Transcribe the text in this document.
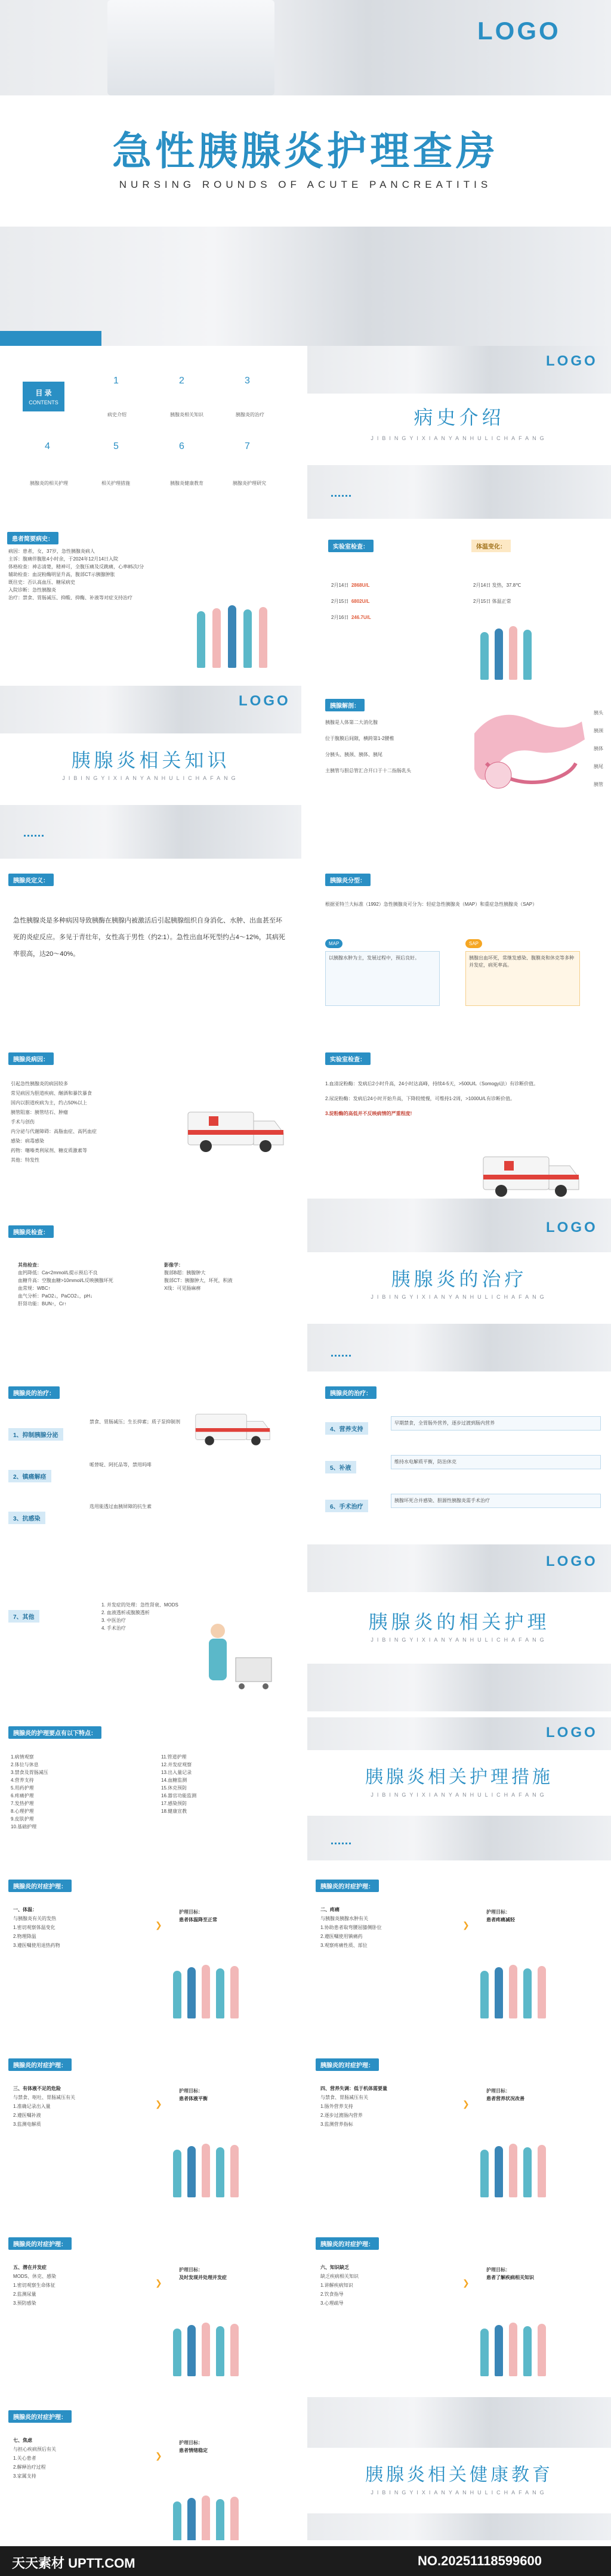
LOGO
急性胰腺炎护理查房
NURSING ROUNDS OF ACUTE PANCREATITIS
目 录
CONTENTS
1
病史介绍
2
胰腺炎相关知识
3
胰腺炎的治疗
4
胰腺炎的相关护理
5
相关护理措施
6
胰腺炎健康教育
7
胰腺炎护理研究
LOGO
病史介绍
JIBINGYIXIANYANHULICHAFANG
患者简要病史：
病因：患者，女，37岁，急性胰腺炎病人
主诉：腹痛伴腹胀4小时余，于2024年12月14日入院
体格检查：神志清楚，精神可，全腹压痛及反跳痛，心率85次/分
辅助检查：血淀粉酶明显升高，腹部CT示胰腺肿胀
既往史：否认高血压、糖尿病史
入院诊断：急性胰腺炎
治疗：禁食、胃肠减压、抑酸、抑酶、补液等对症支持治疗
实验室检查：
2月14日 2868U/L
2月15日 6802U/L
2月16日 246.7U/L
体温变化：
2月14日 发热，37.8℃
2月15日 体温正常
LOGO
胰腺炎相关知识
JIBINGYIXIANYANHULICHAFANG
胰腺解剖：
胰腺是人体第二大消化腺
位于腹膜后间隙，横跨第1-2腰椎
分胰头、胰颈、胰体、胰尾
主胰管与胆总管汇合开口于十二指肠乳头
胰头
胰颈
胰体
胰尾
胰管
胰腺炎定义：
急性胰腺炎是多种病因导致胰酶在胰腺内被激活后引起胰腺组织自身消化、水肿、出血甚至坏死的炎症反应。多见于青壮年，女性高于男性（约2:1）。急性出血坏死型约占4～12%，其病死率很高，达20～40%。
胰腺炎分型：
根据亚特兰大标准（1992）急性胰腺炎可分为：轻症急性胰腺炎（MAP）和重症急性胰腺炎（SAP）
MAP
以胰腺水肿为主，发展过程中，预后良好。
SAP
胰腺出血坏死，常继发感染、腹膜炎和休克等多种并发症，病死率高。
胰腺炎病因：
引起急性胰腺炎的病因较多
常见病因为胆道疾病、酗酒和暴饮暴食
国内以胆道疾病为主，约占50%以上
胰管阻塞：胰管结石、肿瘤
手术与创伤
内分泌与代谢障碍：高脂血症、高钙血症
感染：病毒感染
药物：噻嗪类利尿剂、糖皮质激素等
其他：特发性
实验室检查：
1.血清淀粉酶：发病后2小时升高，24小时达高峰，持续4-5天，>500U/L（Somogyi法）有诊断价值。
2.尿淀粉酶：发病后24小时开始升高，下降较缓慢，可维持1-2周，>1000U/L有诊断价值。
3.淀粉酶的高低并不反映病情的严重程度!
胰腺炎检查：
其他检查：
血钙降低：Ca<2mmol/L提示预后不良
血糖升高：空腹血糖>10mmol/L反映胰腺坏死
血常规：WBC↑
血气分析：PaO2↓，PaCO2↓，pH↓
肝肾功能：BUN↑，Cr↑
影像学：
腹部B超：胰腺肿大
腹部CT：胰腺肿大，坏死，积液
X线：可见肠麻痹
LOGO
胰腺炎的治疗
JIBINGYIXIANYANHULICHAFANG
胰腺炎的治疗：
1、抑制胰腺分泌
禁食、胃肠减压；生长抑素；质子泵抑制剂
2、镇痛解痉
哌替啶、阿托品等，禁用吗啡
3、抗感染
选用能透过血胰屏障的抗生素
胰腺炎的治疗：
4、营养支持
早期禁食，全胃肠外营养，逐步过渡到肠内营养
5、补液
维持水电解质平衡，防治休克
6、手术治疗
胰腺坏死合并感染、胆源性胰腺炎需手术治疗
7、其他
1. 并发症的处理：急性肾衰、MODS
2. 血液透析或腹膜透析
3. 中医治疗
4. 手术治疗
LOGO
胰腺炎的相关护理
JIBINGYIXIANYANHULICHAFANG
胰腺炎的护理要点有以下特点：
1.病情观察
2.体位与休息
3.禁食及胃肠减压
4.营养支持
5.用药护理
6.疼痛护理
7.发热护理
8.心理护理
9.皮肤护理
10.基础护理
11.管道护理
12.并发症观察
13.出入量记录
14.血糖监测
15.休克预防
16.器官功能监测
17.感染预防
18.健康宣教
LOGO
胰腺炎相关护理措施
JIBINGYIXIANYANHULICHAFANG
胰腺炎的对症护理：
一、体温：
与胰腺炎有关的发热
1.密切观察体温变化
2.物理降温
3.遵医嘱使用退热药物
❯
护理目标：
患者体温降至正常
胰腺炎的对症护理：
二、疼痛
与胰腺炎胰腺水肿有关
1.协助患者取弯腰屈膝侧卧位
2.遵医嘱使用镇痛药
3.观察疼痛性质、部位
❯
护理目标：
患者疼痛减轻
胰腺炎的对症护理：
三、有体液不足的危险
与禁食、呕吐、胃肠减压有关
1.准确记录出入量
2.遵医嘱补液
3.监测电解质
❯
护理目标：
患者体液平衡
胰腺炎的对症护理：
四、营养失调：低于机体需要量
与禁食、胃肠减压有关
1.肠外营养支持
2.逐步过渡肠内营养
3.监测营养指标
❯
护理目标：
患者营养状况改善
胰腺炎的对症护理：
五、潜在并发症
MODS、休克、感染
1.密切观察生命体征
2.监测尿量
3.预防感染
❯
护理目标：
及时发现并处理并发症
胰腺炎的对症护理：
六、知识缺乏
缺乏疾病相关知识
1.讲解疾病知识
2.饮食指导
3.心理疏导
❯
护理目标：
患者了解疾病相关知识
胰腺炎的对症护理：
七、焦虑
与担心疾病预后有关
1.关心患者
2.解释治疗过程
3.家属支持
❯
护理目标：
患者情绪稳定
胰腺炎相关健康教育
JIBINGYIXIANYANHULICHAFANG
天天素材 UPTT.COM	NO.20251118599600
